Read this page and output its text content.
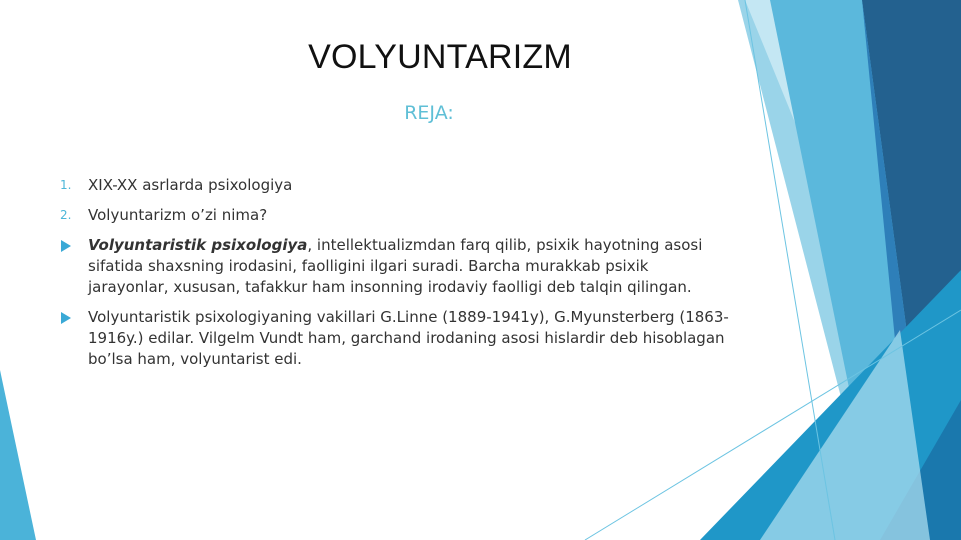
VOLYUNTARIZM
REJA:
1. XIX-XX asrlarda psixologiya
2. Volyuntarizm o’zi nima?
Volyuntaristik psixologiya, intellektualizmdan farq qilib, psixik hayotning asosi sifatida shaxsning irodasini, faolligini ilgari suradi. Barcha murakkab psixik jarayonlar, xususan, tafakkur ham insonning irodaviy faolligi deb talqin qilingan.
Volyuntaristik psixologiyaning vakillari G.Linne (1889-1941y), G.Myunsterberg (1863-1916y.) edilar. Vilgelm Vundt ham, garchand irodaning asosi hislardir deb hisoblagan bo’lsa ham, volyuntarist edi.
